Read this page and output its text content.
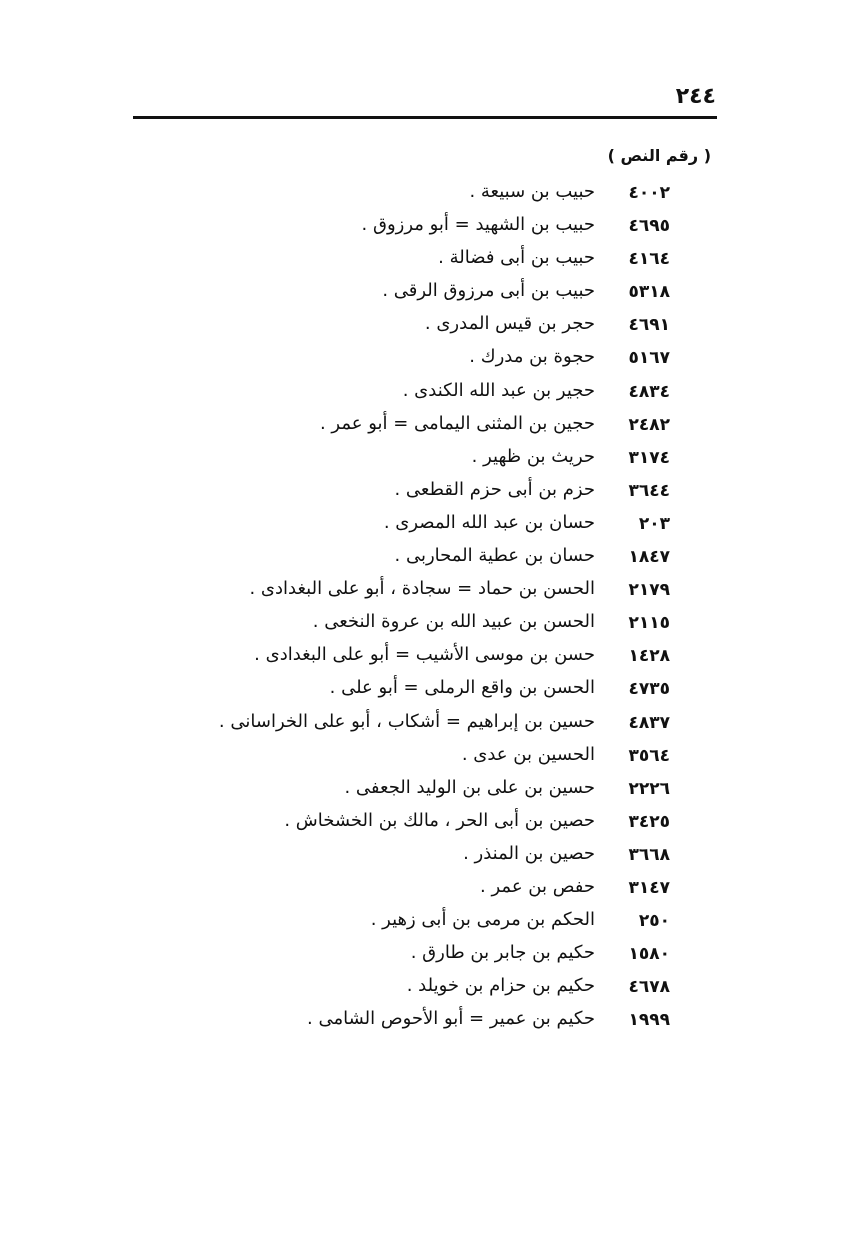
٢٤٤
( رقم النص )
٤٠٠٢
حبيب بن سبيعة .
٤٦٩٥
حبيب بن الشهيد = أبو مرزوق .
٤١٦٤
حبيب بن أبى فضالة .
٥٣١٨
حبيب بن أبى مرزوق الرقى .
٤٦٩١
حجر بن قيس المدرى .
٥١٦٧
حجوة بن مدرك .
٤٨٣٤
حجير بن عبد الله الكندى .
٢٤٨٢
حجين بن المثنى اليمامى = أبو عمر .
٣١٧٤
حريث بن ظهير .
٣٦٤٤
حزم بن أبى حزم القطعى .
٢٠٣
حسان بن عبد الله المصرى .
١٨٤٧
حسان بن عطية المحاربى .
٢١٧٩
الحسن بن حماد = سجادة ، أبو على البغدادى .
٢١١٥
الحسن بن عبيد الله بن عروة النخعى .
١٤٢٨
حسن بن موسى الأشيب = أبو على البغدادى .
٤٧٣٥
الحسن بن واقع الرملى = أبو على .
٤٨٣٧
حسين بن إبراهيم = أشكاب ، أبو على الخراسانى .
٣٥٦٤
الحسين بن عدى .
٢٢٢٦
حسين بن على بن الوليد الجعفى .
٣٤٢٥
حصين بن أبى الحر ، مالك بن الخشخاش .
٣٦٦٨
حصين بن المنذر .
٣١٤٧
حفص بن عمر .
٢٥٠
الحكم بن مرمى بن أبى زهير .
١٥٨٠
حكيم بن جابر بن طارق .
٤٦٧٨
حكيم بن حزام بن خويلد .
١٩٩٩
حكيم بن عمير = أبو الأحوص الشامى .
